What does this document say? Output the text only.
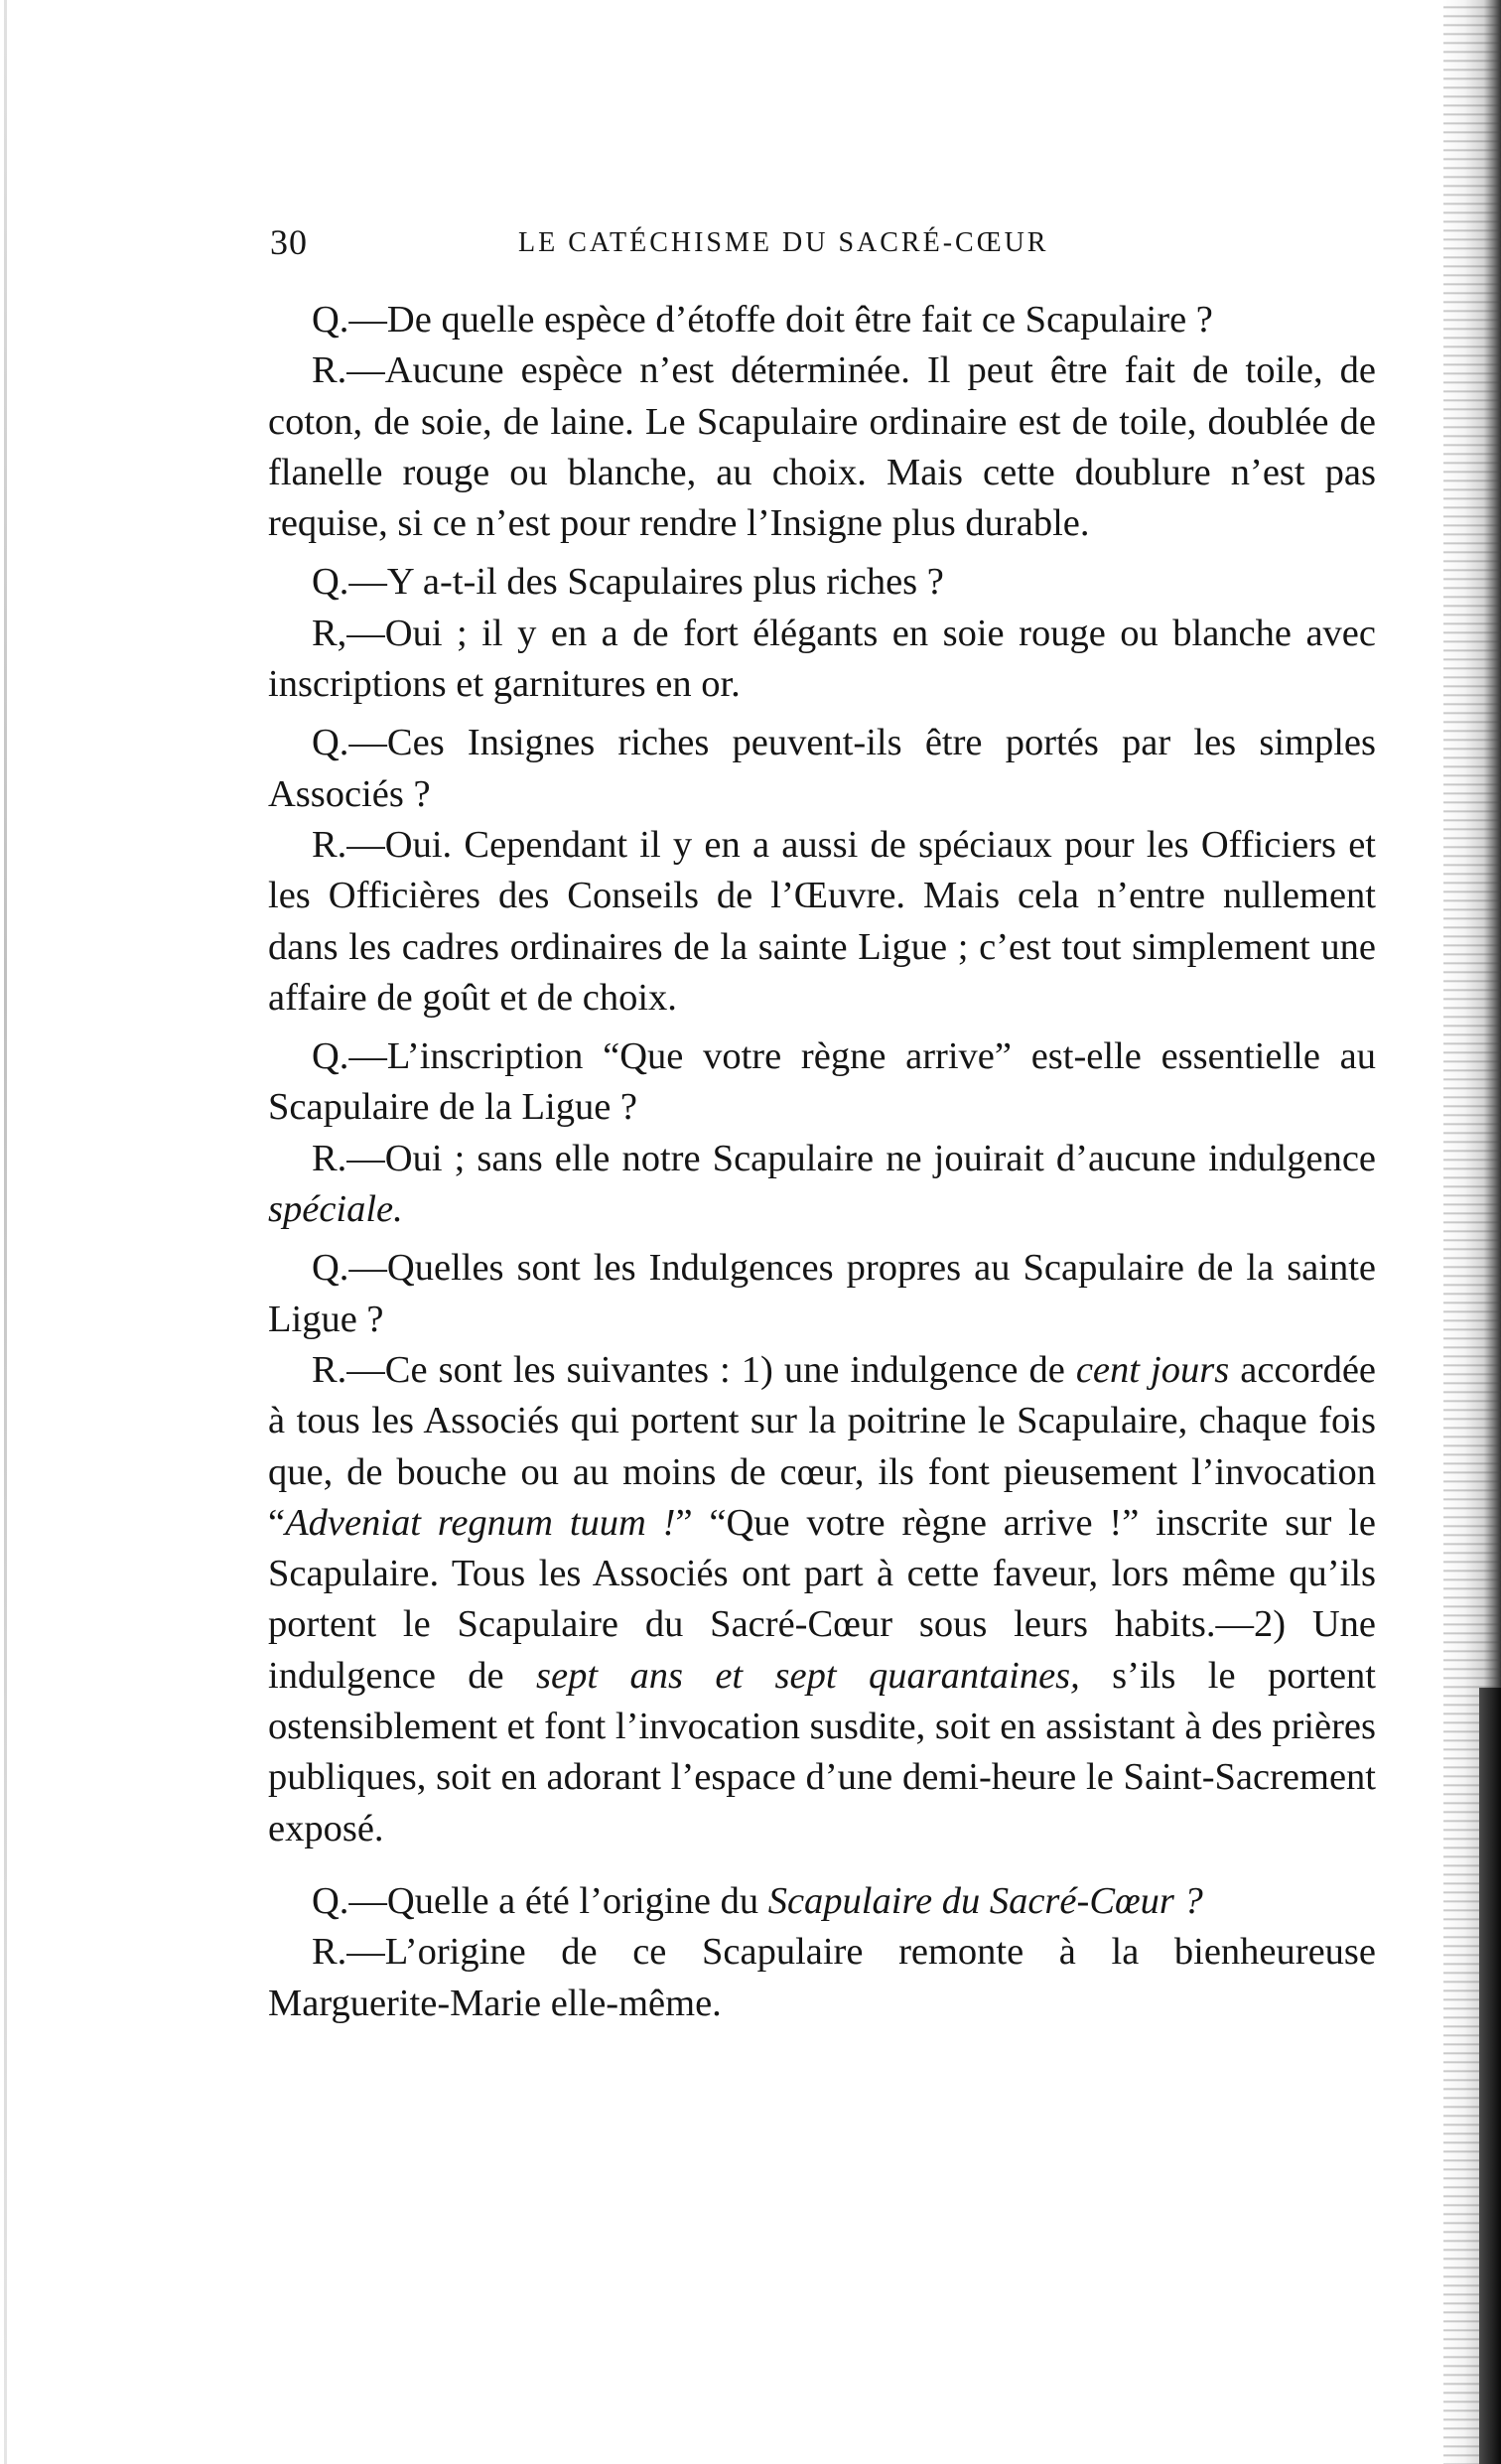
30	LE CATÉCHISME DU SACRÉ-CŒUR

Q.—De quelle espèce d’étoffe doit être fait ce Scapulaire ?

R.—Aucune espèce n’est déterminée. Il peut être fait de toile, de coton, de soie, de laine. Le Scapulaire ordinaire est de toile, doublée de flanelle rouge ou blanche, au choix. Mais cette doublure n’est pas requise, si ce n’est pour rendre l’Insigne plus durable.

Q.—Y a-t-il des Scapulaires plus riches ?

R,—Oui ; il y en a de fort élégants en soie rouge ou blanche avec inscriptions et garnitures en or.

Q.—Ces Insignes riches peuvent-ils être portés par les simples Associés ?

R.—Oui. Cependant il y en a aussi de spéciaux pour les Officiers et les Officières des Conseils de l’Œuvre. Mais cela n’entre nullement dans les cadres ordinaires de la sainte Ligue ; c’est tout simplement une affaire de goût et de choix.

Q.—L’inscription “Que votre règne arrive” est-elle essentielle au Scapulaire de la Ligue ?

R.—Oui ; sans elle notre Scapulaire ne jouirait d’aucune indulgence spéciale.

Q.—Quelles sont les Indulgences propres au Scapulaire de la sainte Ligue ?

R.—Ce sont les suivantes : 1) une indulgence de cent jours accordée à tous les Associés qui portent sur la poitrine le Scapulaire, chaque fois que, de bouche ou au moins de cœur, ils font pieusement l’invocation “Adveniat regnum tuum !” “Que votre règne arrive !” inscrite sur le Scapulaire. Tous les Associés ont part à cette faveur, lors même qu’ils portent le Scapulaire du Sacré-Cœur sous leurs habits.—2) Une indulgence de sept ans et sept quarantaines, s’ils le portent ostensiblement et font l’invocation susdite, soit en assistant à des prières publiques, soit en adorant l’espace d’une demi-heure le Saint-Sacrement exposé.

Q.—Quelle a été l’origine du Scapulaire du Sacré-Cœur ?

R.—L’origine de ce Scapulaire remonte à la bienheureuse Marguerite-Marie elle-même.
